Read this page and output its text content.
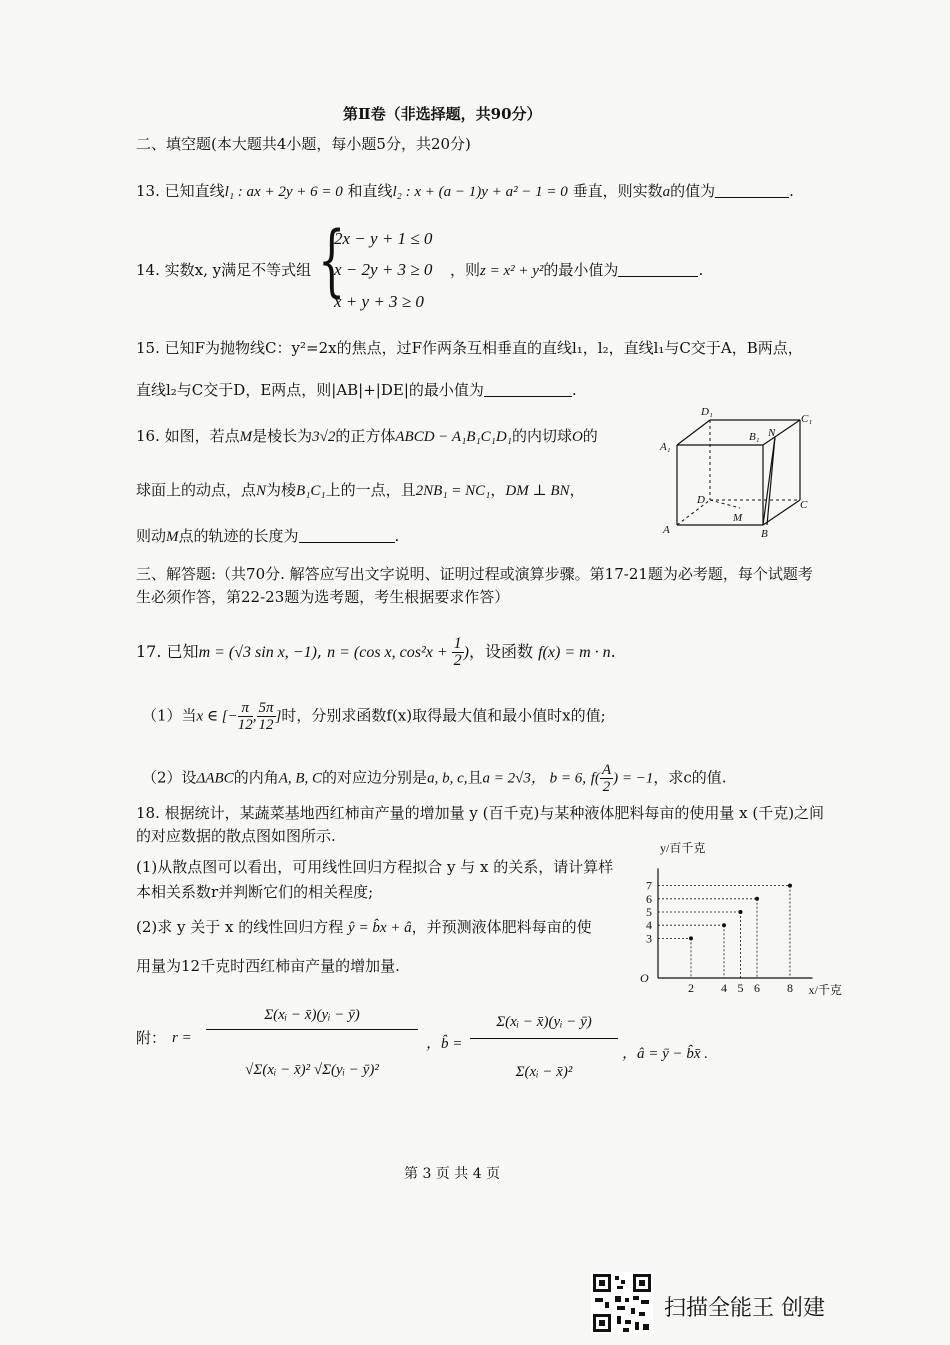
第Ⅱ卷（非选择题，共90分）
二、填空题(本大题共4小题，每小题5分，共20分)
13. 已知直线l₁ : ax + 2y + 6 = 0 和直线l₂ : x + (a − 1)y + a² − 1 = 0 垂直，则实数a的值为	.
14. 实数x, y满足不等式组 {
2x − y + 1 ≤ 0
x − 2y + 3 ≥ 0
x + y + 3 ≥ 0
，则z = x² + y²的最小值为	.
15. 已知F为抛物线C：y²=2x的焦点，过F作两条互相垂直的直线l₁，l₂，直线l₁与C交于A，B两点，
直线l₂与C交于D，E两点，则|AB|+|DE|的最小值为	.
16. 如图，若点M是棱长为3√2的正方体ABCD − A₁B₁C₁D₁的内切球O的
球面上的动点，点N为棱B₁C₁上的一点，且2NB₁ = NC₁，DM ⊥ BN，
则动M点的轨迹的长度为	.
D₁
C₁
A₁
B₁ N
D	C
M
A	B
三、解答题:（共70分. 解答应写出文字说明、证明过程或演算步骤。第17-21题为必考题，每个试题考
生必须作答，第22-23题为选考题，考生根据要求作答）
17. 已知m = (√3 sin x, −1), n = (cos x, $\cos^2x + \frac{1}{2}$ )，设函数 f(x) = m · n.
（1）当x ∈ [− $\frac{\pi}{12}$ , $\frac{5\pi}{12}$ ]时，分别求函数f(x)取得最大值和最小值时x的值;
（2）设ΔABC的内角A, B, C的对应边分别是a, b, c,且a = 2√3， b = 6, $f( \frac{A}{2}$ ) = −1，求c的值.
18. 根据统计，某蔬菜基地西红柿亩产量的增加量 y (百千克)与某种液体肥料每亩的使用量 x (千克)之间
的对应数据的散点图如图所示.
(1)从散点图可以看出，可用线性回归方程拟合 y 与 x 的关系，请计算样
本相关系数r并判断它们的相关程度;
(2)求 y 关于 x 的线性回归方程 ŷ = b̂x + â，并预测液体肥料每亩的使
用量为12千克时西红柿亩产量的增加量.
2 4 5 6 8
3
4
5
6
7
O
x/千克
y/百千克
附： r =
Σ(xᵢ − x̄)(yᵢ − ȳ)
√Σ(xᵢ − x̄)² √Σ(yᵢ − ȳ)²
，b̂ =
Σ(xᵢ − x̄)(yᵢ − ȳ)
Σ(xᵢ − x̄)²
，â = ȳ − b̂x̄ .
第 3 页 共 4 页
扫描全能王 创建
